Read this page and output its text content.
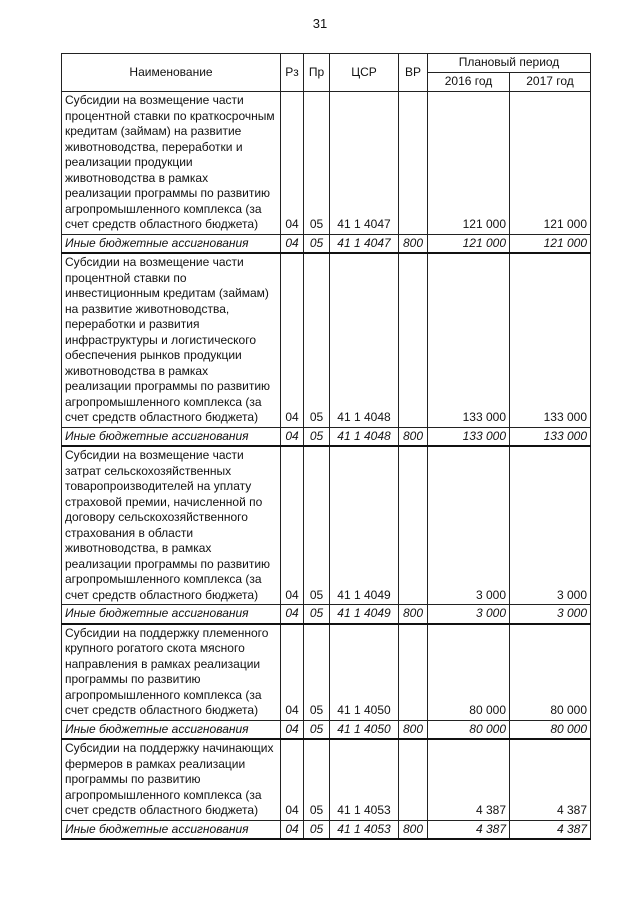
31
Наименование	Рз	Пр	ЦСР	ВР	Плановый период	
					2016 год	2017 год
Субсидии на возмещение части процентной ставки по краткосрочным кредитам (займам) на развитие животноводства, переработки и реализации продукции животноводства в рамках реализации программы по развитию агропромышленного комплекса (за счет средств областного бюджета)	04	05	41 1 4047		121 000	121 000
Иные бюджетные ассигнования	04	05	41 1 4047	800	121 000	121 000
Субсидии на возмещение части процентной ставки по инвестиционным кредитам (займам) на развитие животноводства, переработки и развития инфраструктуры и логистического обеспечения рынков продукции животноводства в рамках реализации программы по развитию агропромышленного комплекса (за счет средств областного бюджета)	04	05	41 1 4048		133 000	133 000
Иные бюджетные ассигнования	04	05	41 1 4048	800	133 000	133 000
Субсидии на возмещение части затрат сельскохозяйственных товаропроизводителей на уплату страховой премии, начисленной по договору сельскохозяйственного страхования в области животноводства, в рамках реализации программы по развитию агропромышленного комплекса (за счет средств областного бюджета)	04	05	41 1 4049		3 000	3 000
Иные бюджетные ассигнования	04	05	41 1 4049	800	3 000	3 000
Субсидии на поддержку племенного крупного рогатого скота мясного направления в рамках реализации программы по развитию агропромышленного комплекса (за счет средств областного бюджета)	04	05	41 1 4050		80 000	80 000
Иные бюджетные ассигнования	04	05	41 1 4050	800	80 000	80 000
Субсидии на поддержку начинающих фермеров в рамках реализации программы по развитию агропромышленного комплекса (за счет средств областного бюджета)	04	05	41 1 4053		4 387	4 387
Иные бюджетные ассигнования	04	05	41 1 4053	800	4 387	4 387
